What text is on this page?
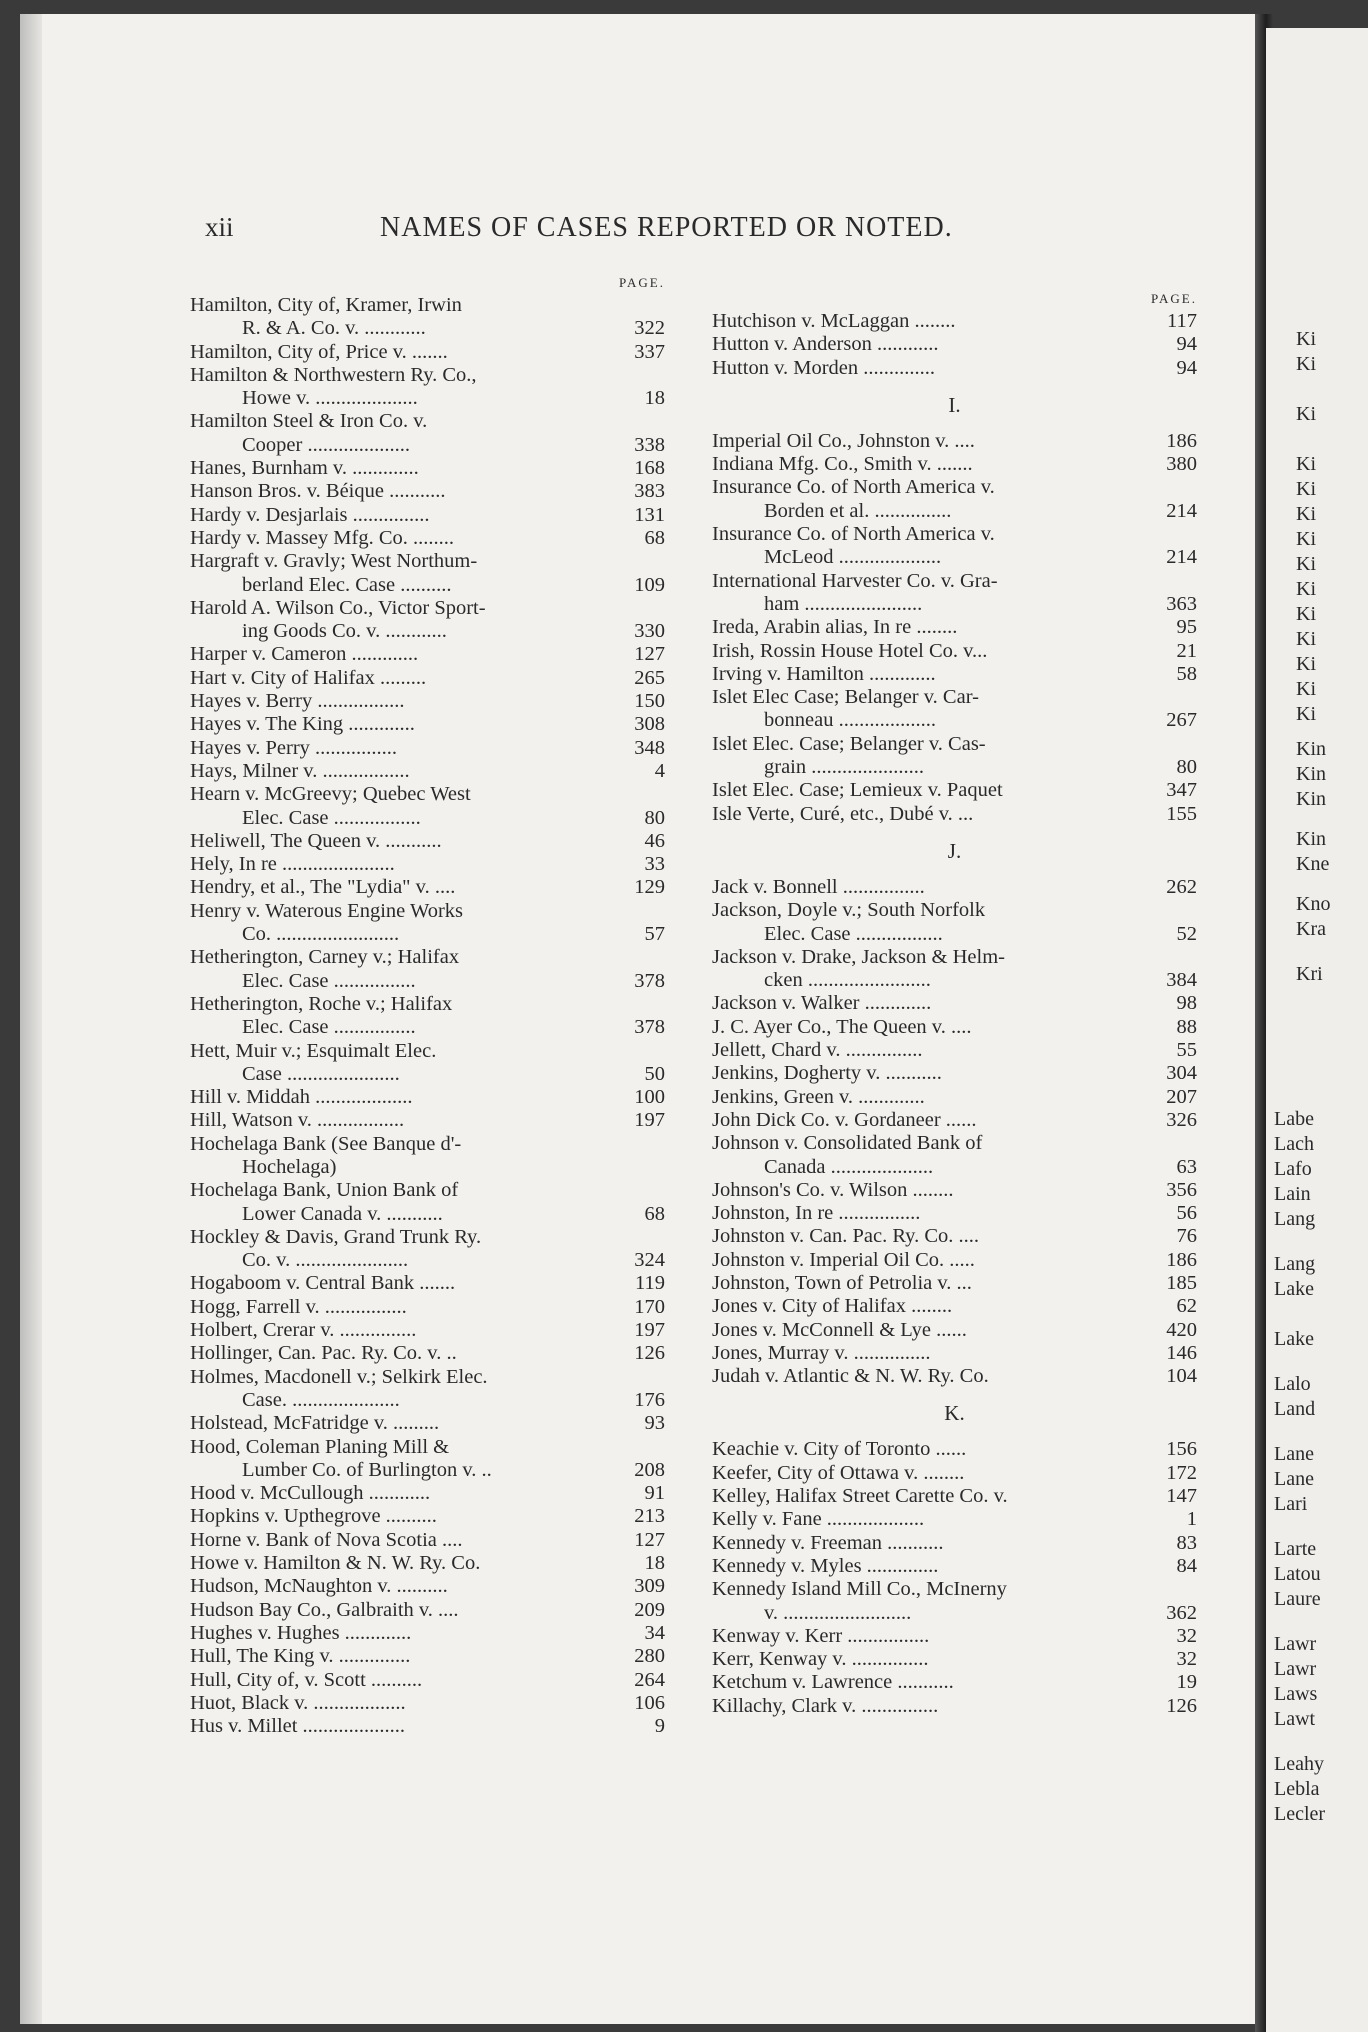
Ki
Ki
Ki
Ki
Ki
Ki
Ki
Ki
Ki
Ki
Ki
Ki
Ki
Ki
Kin
Kin
Kin
Kin
Kne
Kno
Kra
Kri
Labe
Lach
Lafo
Lain
Lang
Lang
Lake
Lake
Lalo
Land
Lane
Lane
Lari
Larte
Latou
Laure
Lawr
Lawr
Laws
Lawt
Leahy
Lebla
Lecler
xii	NAMES OF CASES REPORTED OR NOTED.
PAGE.
Hamilton, City of, Kramer, Irwin
R. & A. Co. v. ............	322
Hamilton, City of, Price v. .......	337
Hamilton & Northwestern Ry. Co.,
Howe v. ....................	18
Hamilton Steel & Iron Co. v.
Cooper ....................	338
Hanes, Burnham v. .............	168
Hanson Bros. v. Béique ...........	383
Hardy v. Desjarlais ...............	131
Hardy v. Massey Mfg. Co. ........	68
Hargraft v. Gravly; West Northum-
berland Elec. Case ..........	109
Harold A. Wilson Co., Victor Sport-
ing Goods Co. v. ............	330
Harper v. Cameron .............	127
Hart v. City of Halifax .........	265
Hayes v. Berry .................	150
Hayes v. The King .............	308
Hayes v. Perry ................	348
Hays, Milner v. .................	4
Hearn v. McGreevy; Quebec West
Elec. Case .................	80
Heliwell, The Queen v. ...........	46
Hely, In re ......................	33
Hendry, et al., The "Lydia" v. ....	129
Henry v. Waterous Engine Works
Co. ........................	57
Hetherington, Carney v.; Halifax
Elec. Case ................	378
Hetherington, Roche v.; Halifax
Elec. Case ................	378
Hett, Muir v.; Esquimalt Elec.
Case ......................	50
Hill v. Middah ...................	100
Hill, Watson v. .................	197
Hochelaga Bank (See Banque d'-
Hochelaga)
Hochelaga Bank, Union Bank of
Lower Canada v. ...........	68
Hockley & Davis, Grand Trunk Ry.
Co. v. ......................	324
Hogaboom v. Central Bank .......	119
Hogg, Farrell v. ................	170
Holbert, Crerar v. ...............	197
Hollinger, Can. Pac. Ry. Co. v. ..	126
Holmes, Macdonell v.; Selkirk Elec.
Case. .....................	176
Holstead, McFatridge v. .........	93
Hood, Coleman Planing Mill &
Lumber Co. of Burlington v. ..	208
Hood v. McCullough ............	91
Hopkins v. Upthegrove ..........	213
Horne v. Bank of Nova Scotia ....	127
Howe v. Hamilton & N. W. Ry. Co.	18
Hudson, McNaughton v. ..........	309
Hudson Bay Co., Galbraith v. ....	209
Hughes v. Hughes .............	34
Hull, The King v. ..............	280
Hull, City of, v. Scott ..........	264
Huot, Black v. ..................	106
Hus v. Millet ....................	9
PAGE.
Hutchison v. McLaggan ........	117
Hutton v. Anderson ............	94
Hutton v. Morden ..............	94
I.
Imperial Oil Co., Johnston v. ....	186
Indiana Mfg. Co., Smith v. .......	380
Insurance Co. of North America v.
Borden et al. ...............	214
Insurance Co. of North America v.
McLeod ....................	214
International Harvester Co. v. Gra-
ham .......................	363
Ireda, Arabin alias, In re ........	95
Irish, Rossin House Hotel Co. v...	21
Irving v. Hamilton .............	58
Islet Elec Case; Belanger v. Car-
bonneau ...................	267
Islet Elec. Case; Belanger v. Cas-
grain ......................	80
Islet Elec. Case; Lemieux v. Paquet	347
Isle Verte, Curé, etc., Dubé v. ...	155
J.
Jack v. Bonnell ................	262
Jackson, Doyle v.; South Norfolk
Elec. Case .................	52
Jackson v. Drake, Jackson & Helm-
cken ........................	384
Jackson v. Walker .............	98
J. C. Ayer Co., The Queen v. ....	88
Jellett, Chard v. ...............	55
Jenkins, Dogherty v. ...........	304
Jenkins, Green v. .............	207
John Dick Co. v. Gordaneer ......	326
Johnson v. Consolidated Bank of
Canada ....................	63
Johnson's Co. v. Wilson ........	356
Johnston, In re ................	56
Johnston v. Can. Pac. Ry. Co. ....	76
Johnston v. Imperial Oil Co. .....	186
Johnston, Town of Petrolia v. ...	185
Jones v. City of Halifax ........	62
Jones v. McConnell & Lye ......	420
Jones, Murray v. ...............	146
Judah v. Atlantic & N. W. Ry. Co.	104
K.
Keachie v. City of Toronto ......	156
Keefer, City of Ottawa v. ........	172
Kelley, Halifax Street Carette Co. v.	147
Kelly v. Fane ...................	1
Kennedy v. Freeman ...........	83
Kennedy v. Myles ..............	84
Kennedy Island Mill Co., McInerny
v. .........................	362
Kenway v. Kerr ................	32
Kerr, Kenway v. ...............	32
Ketchum v. Lawrence ...........	19
Killachy, Clark v. ...............	126
